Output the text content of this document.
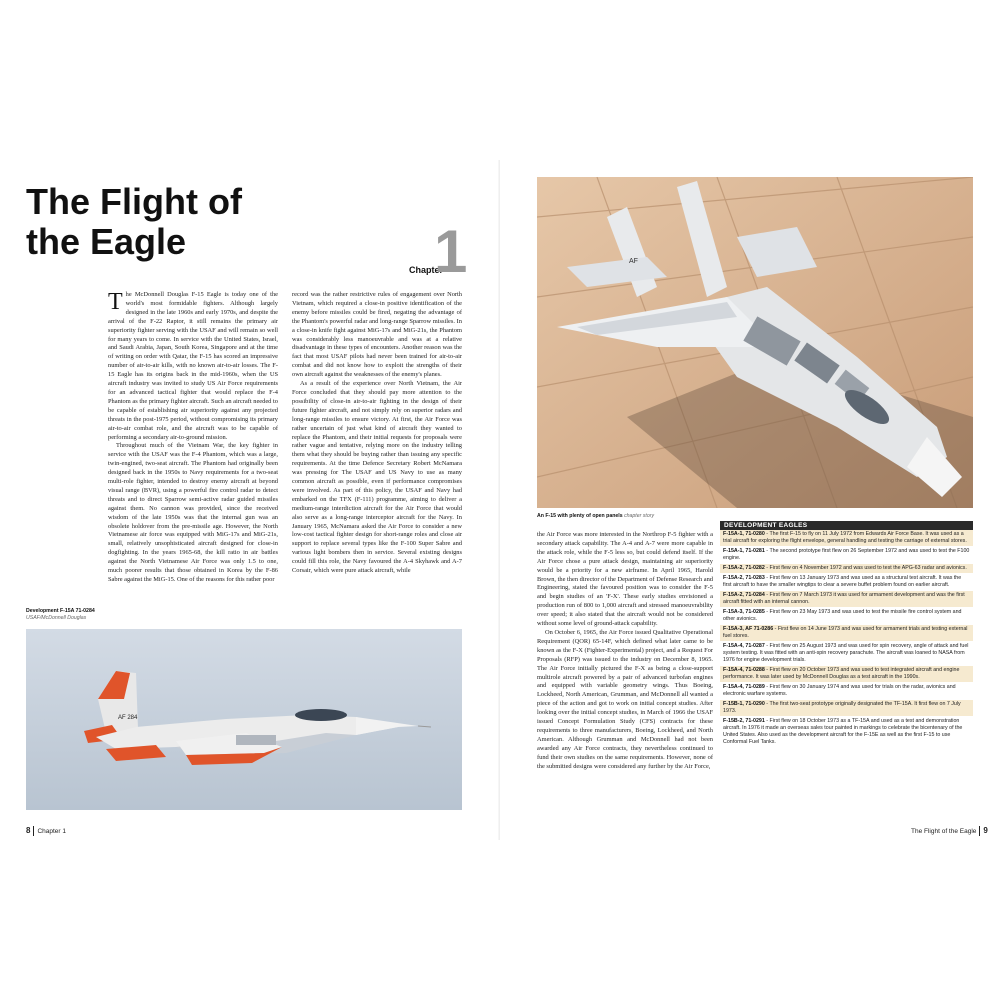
The Flight of
the Eagle
Chapter
1

The McDonnell Douglas F-15 Eagle is today one of the world's most formidable fighters. Although largely designed in the late 1960s and early 1970s, and despite the arrival of the F-22 Raptor, it still remains the primary air superiority fighter serving with the USAF and will remain so well for many years to come. In service with the United States, Israel, and Saudi Arabia, Japan, South Korea, Singapore and at the time of writing on order with Qatar, the F-15 has scored an impressive number of air-to-air kills, with no known air-to-air losses. The F-15 Eagle has its origins back in the mid-1960s, when the US aircraft industry was invited to study US Air Force requirements for an advanced tactical fighter that would replace the F-4 Phantom as the primary fighter aircraft. Such an aircraft needed to be capable of establishing air superiority against any projected threats in the post-1975 period, without compromising its primary air-to-air combat role, and the aircraft was to be capable of performing a secondary air-to-ground mission.

Throughout much of the Vietnam War, the key fighter in service with the USAF was the F-4 Phantom, which was a large, twin-engined, two-seat aircraft. The Phantom had originally been designed back in the 1950s to Navy requirements for a two-seat multi-role fighter, intended to destroy enemy aircraft at beyond visual range (BVR), using a powerful fire control radar to detect threats and to direct Sparrow semi-active radar guided missiles against them. No cannon was provided, since the received wisdom of the late 1950s was that the internal gun was an obsolete holdover from the pre-missile age. However, the North Vietnamese air force was equipped with MiG-17s and MiG-21s, small, relatively unsophisticated aircraft designed for close-in dogfighting. In the years 1965-68, the kill ratio in air battles against the North Vietnamese Air Force was only 1.5 to one, much poorer results that those obtained in Korea by the F-86 Sabre against the MiG-15. One of the reasons for this rather poor

record was the rather restrictive rules of engagement over North Vietnam, which required a close-in positive identification of the enemy before missiles could be fired, negating the advantage of the Phantom's powerful radar and long-range Sparrow missiles. In a close-in knife fight against MiG-17s and MiG-21s, the Phantom was considerably less manoeuvrable and was at a relative disadvantage in these types of encounters. Another reason was the fact that most USAF pilots had never been trained for air-to-air combat and did not know how to exploit the strengths of their own aircraft against the weaknesses of the enemy's planes.

As a result of the experience over North Vietnam, the Air Force concluded that they should pay more attention to the possibility of close-in air-to-air fighting in the design of their future fighter aircraft, and not simply rely on superior radars and long-range missiles to ensure victory. At first, the Air Force was rather uncertain of just what kind of aircraft they wanted to replace the Phantom, and their initial requests for proposals were rather vague and tentative, relying more on the industry telling them what they should be buying rather than issuing any specific requirements. At the time Defence Secretary Robert McNamara was pressing for The USAF and US Navy to use as many common aircraft as possible, even if performance compromises were involved. As part of this policy, the USAF and Navy had embarked on the TFX (F-111) programme, aiming to deliver a medium-range interdiction aircraft for the Air Force that would also serve as a long-range interceptor aircraft for the Navy. In January 1965, McNamara asked the Air Force to consider a new low-cost tactical fighter design for short-range roles and close air support to replace several types like the F-100 Super Sabre and various light bombers then in service. Several existing designs could fill this role, the Navy favoured the A-4 Skyhawk and A-7 Corsair, which were pure attack aircraft, while

Development F-15A 71-0284
USAF/McDonnell Douglas
AF 284
8 Chapter 1
AF
An F-15 with plenty of open panels chapter story

the Air Force was more interested in the Northrop F-5 fighter with a secondary attack capability. The A-4 and A-7 were more capable in the attack role, while the F-5 less so, but could defend itself. If the Air Force chose a pure attack design, maintaining air superiority would be a priority for a new airframe. In April 1965, Harold Brown, the then director of the Department of Defense Research and Engineering, stated the favoured position was to consider the F-5 and begin studies of an 'F-X'. These early studies envisioned a production run of 800 to 1,000 aircraft and stressed manoeuvrability over speed; it also stated that the aircraft would not be considered without some level of ground-attack capability.

On October 6, 1965, the Air Force issued Qualitative Operational Requirement (QOR) 65-14F, which defined what later came to be known as the F-X (Fighter-Experimental) project, and a Request For Proposals (RFP) was issued to the industry on December 8, 1965. The Air Force initially pictured the F-X as being a close-support multirole aircraft powered by a pair of advanced turbofan engines and equipped with variable geometry wings. Thus Boeing, Lockheed, North American, Grumman, and McDonnell all wanted a piece of the action and got to work on initial concept studies. After looking over the initial concept studies, in March of 1966 the USAF issued Concept Formulation Study (CFS) contracts for these requirements to three manufacturers, Boeing, Lockheed, and North American. Although Grumman and McDonnell had not been awarded any Air Force contracts, they nevertheless continued to fund their own studies on the same requirements. However, none of the submitted designs were considered any further by the Air Force,

DEVELOPMENT EAGLES
F-15A-1, 71-0280 - The first F-15 to fly on 11 July 1972 from Edwards Air Force Base. It was used as a trial aircraft for exploring the flight envelope, general handling and testing the carriage of external stores.
F-15A-1, 71-0281 - The second prototype first flew on 26 September 1972 and was used to test the F100 engine.
F-15A-2, 71-0282 - First flew on 4 November 1972 and was used to test the APG-63 radar and avionics.
F-15A-2, 71-0283 - First flew on 13 January 1973 and was used as a structural test aircraft. It was the first aircraft to have the smaller wingtips to clear a severe buffet problem found on earlier aircraft.
F-15A-2, 71-0284 - First flew on 7 March 1973 it was used for armament development and was the first aircraft fitted with an internal cannon.
F-15A-3, 71-0285 - First flew on 23 May 1973 and was used to test the missile fire control system and other avionics.
F-15A-3, AF 71-0286 - First flew on 14 June 1973 and was used for armament trials and testing external fuel stores.
F-15A-4, 71-0287 - First flew on 25 August 1973 and was used for spin recovery, angle of attack and fuel system testing. It was fitted with an anti-spin recovery parachute. The aircraft was loaned to NASA from 1976 for engine development trials.
F-15A-4, 71-0288 - First flew on 20 October 1973 and was used to test integrated aircraft and engine performance. It was later used by McDonnell Douglas as a test aircraft in the 1990s.
F-15A-4, 71-0289 - First flew on 30 January 1974 and was used for trials on the radar, avionics and electronic warfare systems.
F-15B-1, 71-0290 - The first two-seat prototype originally designated the TF-15A. It first flew on 7 July 1973.
F-15B-2, 71-0291 - First flew on 18 October 1973 as a TF-15A and used as a test and demonstration aircraft. In 1976 it made an overseas sales tour painted in markings to celebrate the bicentenary of the United States. Also used as the development aircraft for the F-15E as well as the first F-15 to use Conformal Fuel Tanks.
The Flight of the Eagle 9
